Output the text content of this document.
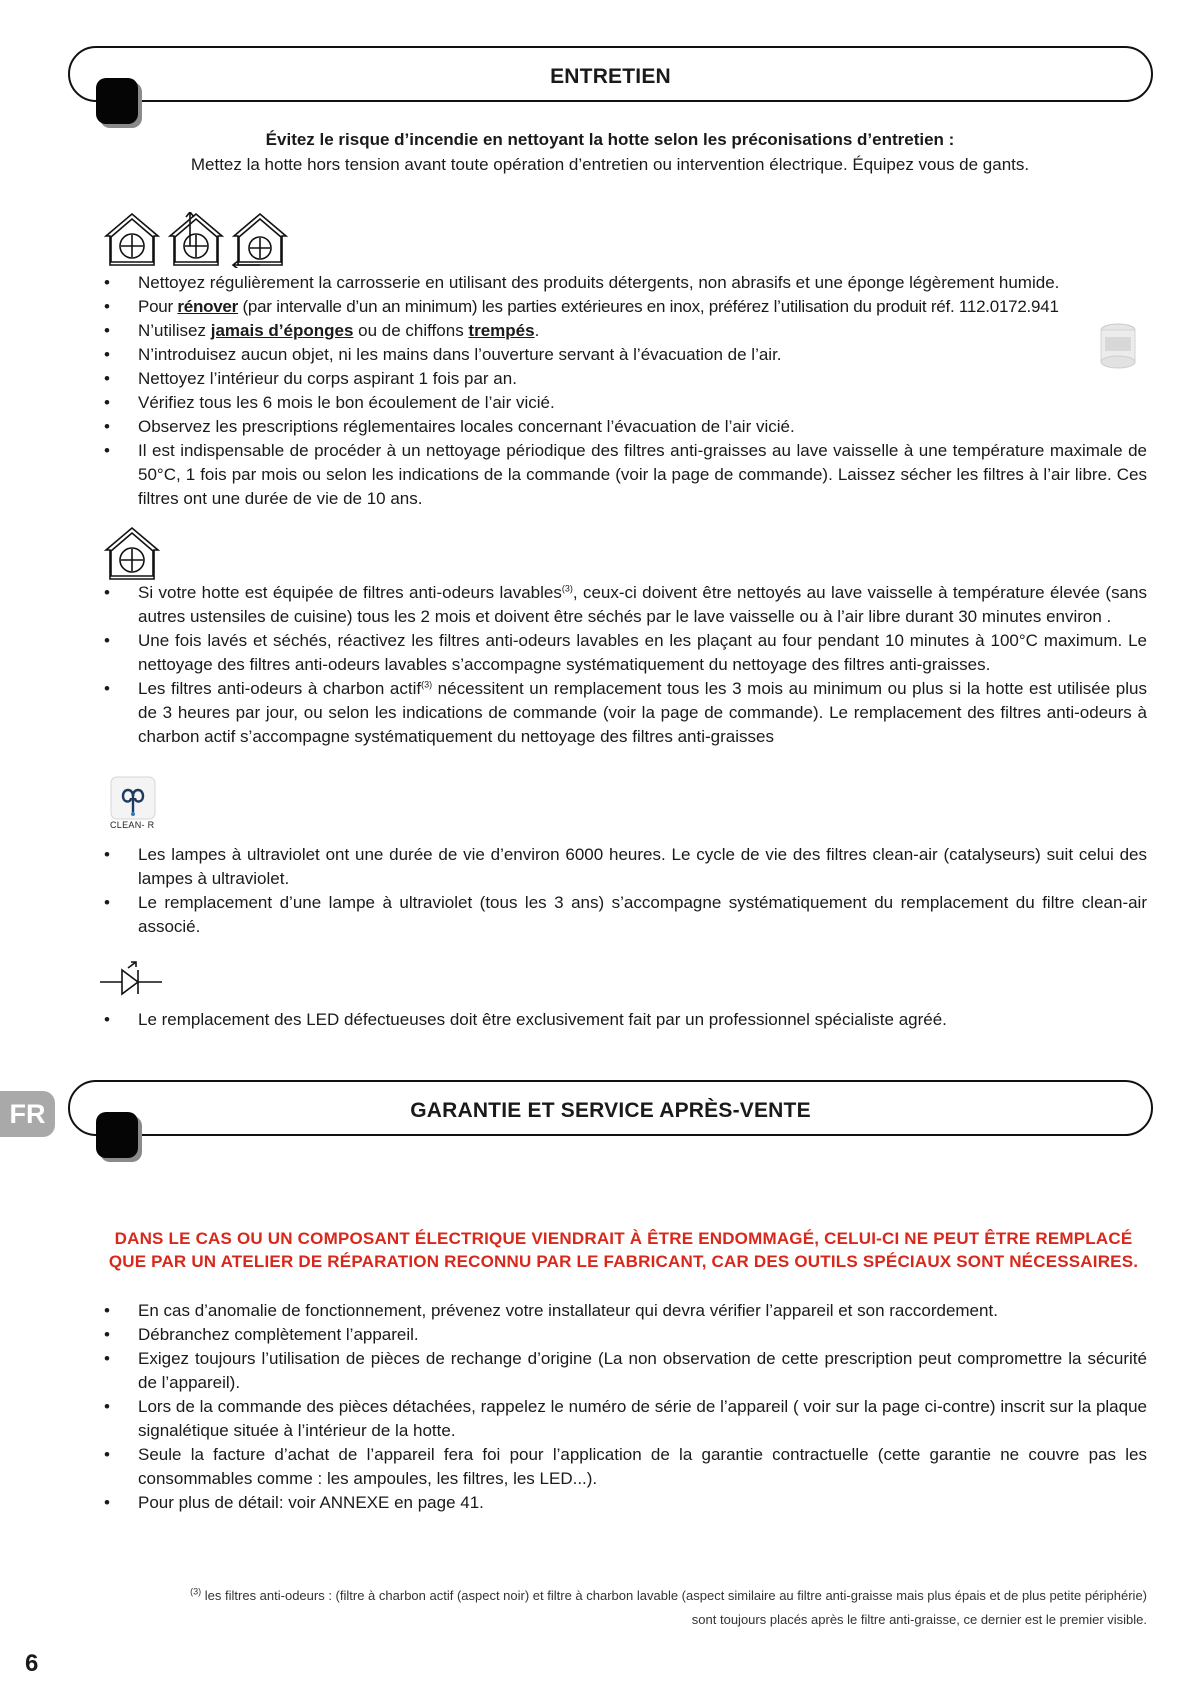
ENTRETIEN
Évitez le risque d’incendie en nettoyant la hotte selon les préconisations d’entretien :
Mettez la hotte hors tension avant toute opération d’entretien ou intervention électrique. Équipez vous de gants.
• Nettoyez régulièrement la carrosserie en utilisant des produits détergents, non abrasifs et une éponge légèrement humide.
• Pour rénover (par intervalle d’un an minimum) les parties extérieures en inox, préférez l’utilisation du produit réf. 112.0172.941
• N’utilisez jamais d’éponges ou de chiffons trempés.
• N’introduisez aucun objet, ni les mains dans l’ouverture servant à l’évacuation de l’air.
• Nettoyez l’intérieur du corps aspirant 1 fois par an.
• Vérifiez tous les 6 mois le bon écoulement de l’air vicié.
• Observez les prescriptions réglementaires locales concernant l’évacuation de l’air vicié.
• Il est indispensable de procéder à un nettoyage périodique des filtres anti-graisses au lave vaisselle à une température maximale de 50°C, 1 fois par mois ou selon les indications de la commande (voir la page de commande). Laissez sécher les filtres à l’air libre. Ces filtres ont une durée de vie de 10 ans.
• Si votre hotte est équipée de filtres anti-odeurs lavables$^{(3)}$, ceux-ci doivent être nettoyés au lave vaisselle à température élevée (sans autres ustensiles de cuisine) tous les 2 mois et doivent être séchés par le lave vaisselle ou à l’air libre durant 30 minutes environ .
• Une fois lavés et séchés, réactivez les filtres anti-odeurs lavables en les plaçant au four pendant 10 minutes à 100°C maximum. Le nettoyage des filtres anti-odeurs lavables s’accompagne systématiquement du nettoyage des filtres anti-graisses.
• Les filtres anti-odeurs à charbon actif$^{(3)}$ nécessitent un remplacement tous les 3 mois au minimum ou plus si la hotte est utilisée plus de 3 heures par jour, ou selon les indications de commande (voir la page de commande). Le remplacement des filtres anti-odeurs à charbon actif s’accompagne systématiquement du nettoyage des filtres anti-graisses
CLEAN- R
• Les lampes à ultraviolet ont une durée de vie d’environ 6000 heures. Le cycle de vie des filtres clean-air (catalyseurs) suit celui des lampes à ultraviolet.
• Le remplacement d’une lampe à ultraviolet (tous les 3 ans) s’accompagne systématiquement du remplacement du filtre clean-air associé.
• Le remplacement des LED défectueuses doit être exclusivement fait par un professionnel spécialiste agréé.
FR	GARANTIE ET SERVICE APRÈS-VENTE
DANS LE CAS OU UN COMPOSANT ÉLECTRIQUE VIENDRAIT À ÊTRE ENDOMMAGÉ, CELUI-CI NE PEUT ÊTRE REMPLACÉ
QUE PAR UN ATELIER DE RÉPARATION RECONNU PAR LE FABRICANT, CAR DES OUTILS SPÉCIAUX SONT NÉCESSAIRES.
• En cas d’anomalie de fonctionnement, prévenez votre installateur qui devra vérifier l’appareil et son raccordement.
• Débranchez complètement l’appareil.
• Exigez toujours l’utilisation de pièces de rechange d’origine (La non observation de cette prescription peut compromettre la sécurité de l’appareil).
• Lors de la commande des pièces détachées, rappelez le numéro de série de l’appareil ( voir sur la page ci-contre) inscrit sur la plaque signalétique située à l’intérieur de la hotte.
• Seule la facture d’achat de l’appareil fera foi pour l’application de la garantie contractuelle (cette garantie ne couvre pas les consommables comme : les ampoules, les filtres, les LED...).
• Pour plus de détail: voir ANNEXE en page 41.
$^{(3)}$ les filtres anti-odeurs : (filtre à charbon actif (aspect noir) et filtre à charbon lavable (aspect similaire au filtre anti-graisse mais plus épais et de plus petite périphérie)
sont toujours placés après le filtre anti-graisse, ce dernier est le premier visible.
6
